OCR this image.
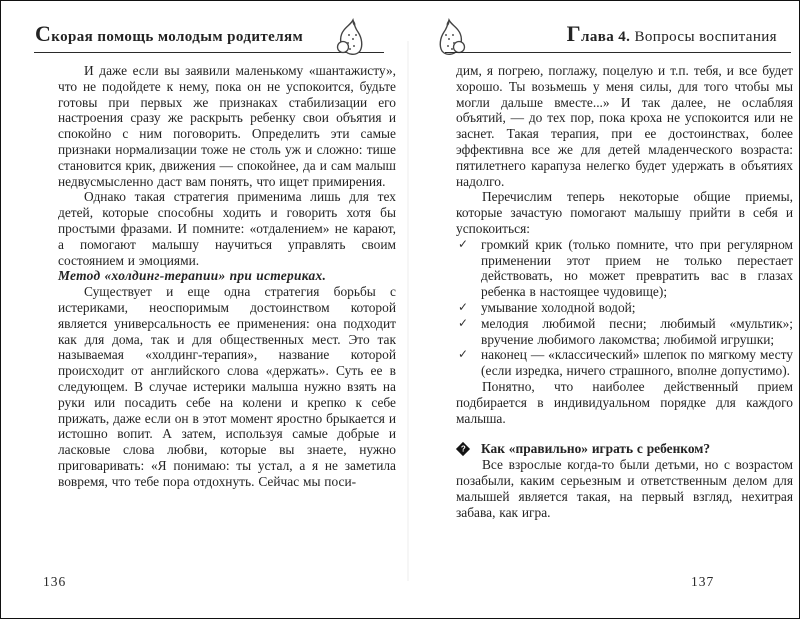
Скорая помощь молодым родителям

И даже если вы заявили маленькому «шантажисту», что не подойдете к нему, пока он не успокоится, будьте готовы при первых же признаках стабилизации его настроения сразу же раскрыть ребенку свои объятия и спокойно с ним поговорить. Определить эти самые признаки нормализации тоже не столь уж и сложно: тише становится крик, движения — спокойнее, да и сам малыш недвусмысленно даст вам понять, что ищет примирения.

Однако такая стратегия применима лишь для тех детей, которые способны ходить и говорить хотя бы простыми фразами. И помните: «отдалением» не карают, а помогают малышу научиться управлять своим состоянием и эмоциями.

Метод «холдинг-терапии» при истериках.

Существует и еще одна стратегия борьбы с истериками, неоспоримым достоинством которой является универсальность ее применения: она подходит как для дома, так и для общественных мест. Это так называемая «холдинг-терапия», название которой происходит от английского слова «держать». Суть ее в следующем. В случае истерики малыша нужно взять на руки или посадить себе на колени и крепко к себе прижать, даже если он в этот момент яростно брыкается и истошно вопит. А затем, используя самые добрые и ласковые слова любви, которые вы знаете, нужно приговаривать: «Я понимаю: ты устал, а я не заметила вовремя, что тебе пора отдохнуть. Сейчас мы поси-

Глава 4. Вопросы воспитания

дим, я погрею, поглажу, поцелую и т.п. тебя, и все будет хорошо. Ты возьмешь у меня силы, для того чтобы мы могли дальше вместе...» И так далее, не ослабляя объятий, — до тех пор, пока кроха не успокоится или не заснет. Такая терапия, при ее достоинствах, более эффективна все же для детей младенческого возраста: пятилетнего карапуза нелегко будет удержать в объятиях надолго.

Перечислим теперь некоторые общие приемы, которые зачастую помогают малышу прийти в себя и успокоиться:

✓ громкий крик (только помните, что при регулярном применении этот прием не только перестает действовать, но может превратить вас в глазах ребенка в настоящее чудовище);
✓ умывание холодной водой;
✓ мелодия любимой песни; любимый «мультик»; вручение любимого лакомства; любимой игрушки;
✓ наконец — «классический» шлепок по мягкому месту (если изредка, ничего страшного, вполне допустимо).

Понятно, что наиболее действенный прием подбирается в индивидуальном порядке для каждого малыша.

? Как «правильно» играть с ребенком?

Все взрослые когда-то были детьми, но с возрастом позабыли, каким серьезным и ответственным делом для малышей является такая, на первый взгляд, нехитрая забава, как игра.

136	137
